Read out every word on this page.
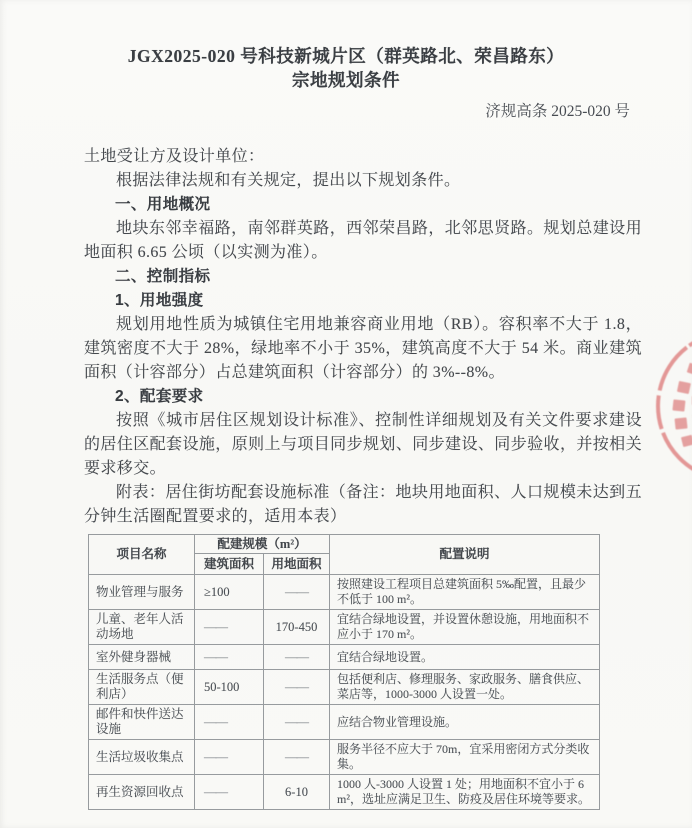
JGX2025-020 号科技新城片区（群英路北、荣昌路东）
宗地规划条件
济规高条 2025-020 号

土地受让方及设计单位：

根据法律法规和有关规定，提出以下规划条件。

一、用地概况

地块东邻幸福路，南邻群英路，西邻荣昌路，北邻思贤路。规划总建设用地面积 6.65 公顷（以实测为准）。

二、控制指标

1、用地强度

规划用地性质为城镇住宅用地兼容商业用地（RB）。容积率不大于 1.8，建筑密度不大于 28%，绿地率不小于 35%，建筑高度不大于 54 米。商业建筑面积（计容部分）占总建筑面积（计容部分）的 3%--8%。

2、配套要求

按照《城市居住区规划设计标准》、控制性详细规划及有关文件要求建设的居住区配套设施，原则上与项目同步规划、同步建设、同步验收，并按相关要求移交。

附表：居住街坊配套设施标准（备注：地块用地面积、人口规模未达到五分钟生活圈配置要求的，适用本表）

项目名称	配建规模（m²）		配置说明
	建筑面积	用地面积	
物业管理与服务	≥100	——	按照建设工程项目总建筑面积 5‰配置，且最少不低于 100 m²。
儿童、老年人活动场地	——	170-450	宜结合绿地设置，并设置休憩设施，用地面积不应小于 170 m²。
室外健身器械	——	——	宜结合绿地设置。
生活服务点（便利店）	50-100	——	包括便利店、修理服务、家政服务、膳食供应、菜店等，1000-3000 人设置一处。
邮件和快件送达设施	——	——	应结合物业管理设施。
生活垃圾收集点	——	——	服务半径不应大于 70m，宜采用密闭方式分类收集。
再生资源回收点	——	6-10	1000 人-3000 人设置 1 处；用地面积不宜小于 6 m²，选址应满足卫生、防疫及居住环境等要求。
